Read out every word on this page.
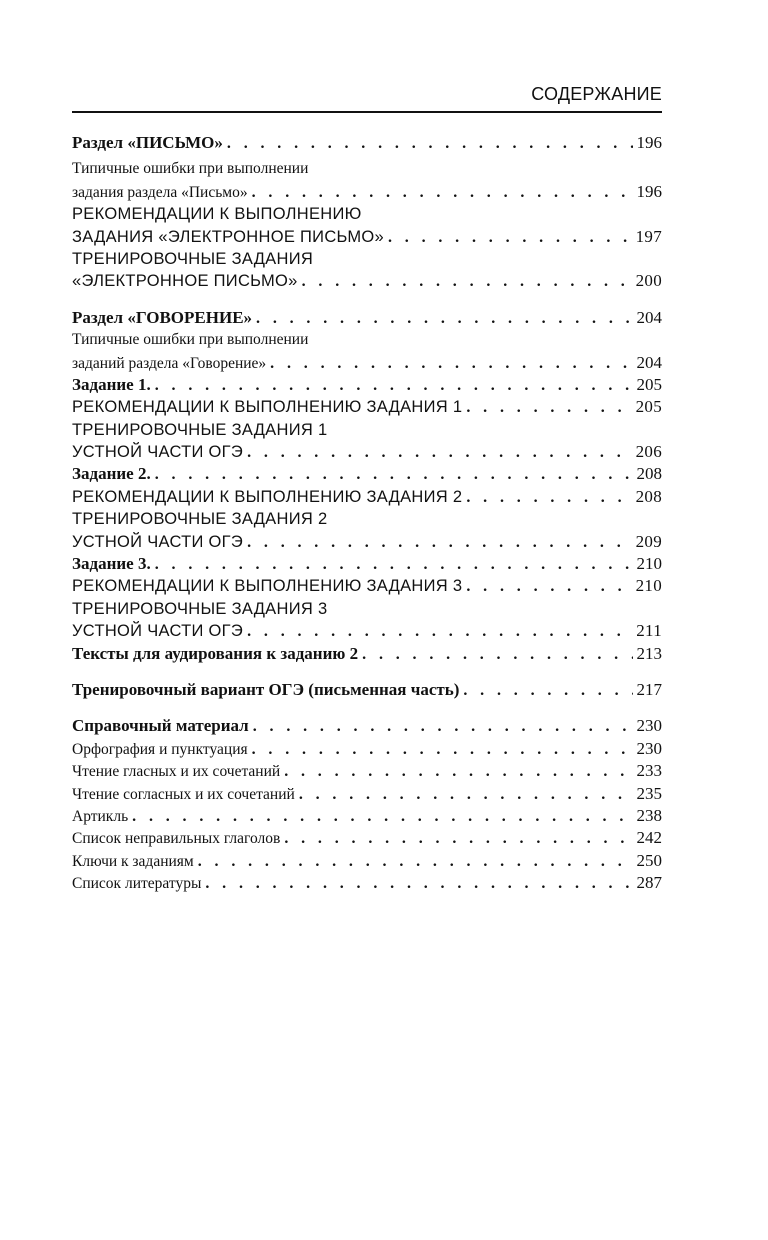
СОДЕРЖАНИЕ
Раздел «ПИСЬМО» . . .	196
Типичные ошибки при выполнении
задания раздела «Письмо» . . .	196
РЕКОМЕНДАЦИИ К ВЫПОЛНЕНИЮ
ЗАДАНИЯ «ЭЛЕКТРОННОЕ ПИСЬМО» . . .	197
ТРЕНИРОВОЧНЫЕ ЗАДАНИЯ
«ЭЛЕКТРОННОЕ ПИСЬМО» . . .	200
Раздел «ГОВОРЕНИЕ» . . .	204
Типичные ошибки при выполнении
заданий раздела «Говорение» . . .	204
Задание 1. . . .	205
РЕКОМЕНДАЦИИ К ВЫПОЛНЕНИЮ ЗАДАНИЯ 1 . . .	205
ТРЕНИРОВОЧНЫЕ ЗАДАНИЯ 1
УСТНОЙ ЧАСТИ ОГЭ . . .	206
Задание 2. . . .	208
РЕКОМЕНДАЦИИ К ВЫПОЛНЕНИЮ ЗАДАНИЯ 2 . . .	208
ТРЕНИРОВОЧНЫЕ ЗАДАНИЯ 2
УСТНОЙ ЧАСТИ ОГЭ . . .	209
Задание 3. . . .	210
РЕКОМЕНДАЦИИ К ВЫПОЛНЕНИЮ ЗАДАНИЯ 3 . . .	210
ТРЕНИРОВОЧНЫЕ ЗАДАНИЯ 3
УСТНОЙ ЧАСТИ ОГЭ . . .	211
Тексты для аудирования к заданию 2 . . .	213
Тренировочный вариант ОГЭ (письменная часть) . . .	217
Справочный материал . . .	230
Орфография и пунктуация . . .	230
Чтение гласных и их сочетаний . . .	233
Чтение согласных и их сочетаний . . .	235
Артикль . . .	238
Список неправильных глаголов . . .	242
Ключи к заданиям . . .	250
Список литературы . . .	287
